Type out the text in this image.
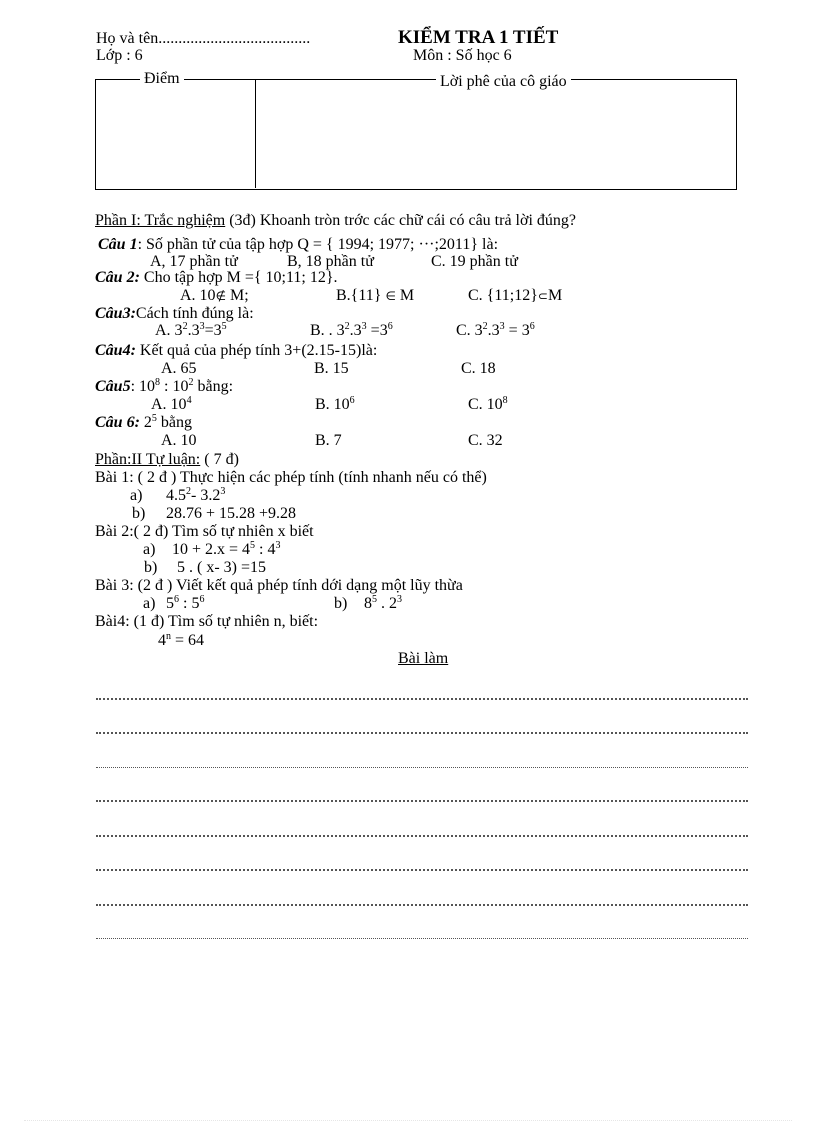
Họ và tên......................................
Lớp : 6
KIỂM TRA 1 TIẾT
Môn : Số học 6
Điểm	Lời phê của cô giáo
Phần I: Trắc nghiệm (3đ) Khoanh tròn trớc các chữ cái có câu trả lời đúng?
Câu 1: Số phần tử của tập hợp Q = { 1994; 1977; ···;2011} là:
A, 17 phần tử	B, 18 phần tử	C. 19 phần tử
Câu 2: Cho tập hợp M ={ 10;11; 12}.
A. 10∉ M;	B.{11} ∈ M	C. {11;12}⊂M
Câu3:Cách tính đúng là:
A. $3^2.3^3=3^5$	B. . $3^2.3^3 =3^6$	C. $3^2.3^3 = 3^6$
Câu4: Kết quả của phép tính 3+(2.15-15)là:
A. 65	B. 15	C. 18
Câu5: $10^8$ : $10^2$ bằng:
A. $10^4$	B. $10^6$	C. $10^8$
Câu 6: $2^5$ bằng
A. 10	B. 7	C. 32
Phần:II Tự luận: ( 7 đ)
Bài 1: ( 2 đ ) Thực hiện các phép tính (tính nhanh nếu có thể)
a) $4.5^2-$ $3.2^3$
b) 28.76 + 15.28 +9.28
Bài 2:( 2 đ) Tìm số tự nhiên x biết
a) $10 + 2.x = 4^5$ : $4^3$
b) 5 . ( x- 3) =15
Bài 3: (2 đ ) Viết kết quả phép tính dới dạng một lũy thừa
a) $5^6$ : $5^6$	b) $8^5$ . $2^3$
Bài4: (1 đ) Tìm số tự nhiên n, biết:
$4^n = 64$
Bài làm
